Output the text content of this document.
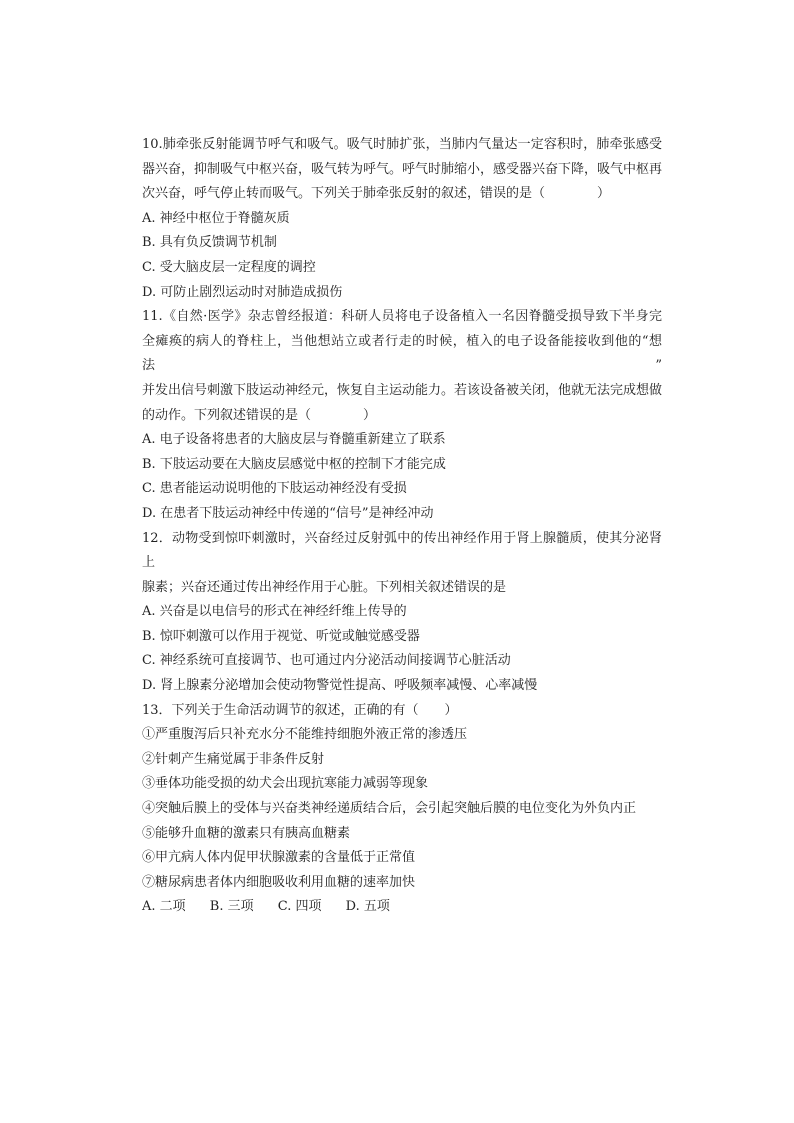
10.肺牵张反射能调节呼气和吸气。吸气时肺扩张，当肺内气量达一定容积时，肺牵张感受
器兴奋，抑制吸气中枢兴奋，吸气转为呼气。呼气时肺缩小，感受器兴奋下降，吸气中枢再
次兴奋，呼气停止转而吸气。下列关于肺牵张反射的叙述，错误的是（　　　　）
A. 神经中枢位于脊髓灰质
B. 具有负反馈调节机制
C. 受大脑皮层一定程度的调控
D. 可防止剧烈运动时对肺造成损伤
11.《自然·医学》杂志曾经报道：科研人员将电子设备植入一名因脊髓受损导致下半身完
全瘫痪的病人的脊柱上，当他想站立或者行走的时候，植入的电子设备能接收到他的“想法”
并发出信号刺激下肢运动神经元，恢复自主运动能力。若该设备被关闭，他就无法完成想做
的动作。下列叙述错误的是（　　　　）
A. 电子设备将患者的大脑皮层与脊髓重新建立了联系
B. 下肢运动要在大脑皮层感觉中枢的控制下才能完成
C. 患者能运动说明他的下肢运动神经没有受损
D. 在患者下肢运动神经中传递的“信号”是神经冲动
12．动物受到惊吓刺激时，兴奋经过反射弧中的传出神经作用于肾上腺髓质，使其分泌肾上
腺素；兴奋还通过传出神经作用于心脏。下列相关叙述错误的是
A. 兴奋是以电信号的形式在神经纤维上传导的
B. 惊吓刺激可以作用于视觉、听觉或触觉感受器
C. 神经系统可直接调节、也可通过内分泌活动间接调节心脏活动
D. 肾上腺素分泌增加会使动物警觉性提高、呼吸频率减慢、心率减慢
13．下列关于生命活动调节的叙述，正确的有（　　）
①严重腹泻后只补充水分不能维持细胞外液正常的渗透压
②针刺产生痛觉属于非条件反射
③垂体功能受损的幼犬会出现抗寒能力减弱等现象
④突触后膜上的受体与兴奋类神经递质结合后，会引起突触后膜的电位变化为外负内正
⑤能够升血糖的激素只有胰高血糖素
⑥甲亢病人体内促甲状腺激素的含量低于正常值
⑦糖尿病患者体内细胞吸收利用血糖的速率加快
A. 二项 B. 三项 C. 四项 D. 五项
